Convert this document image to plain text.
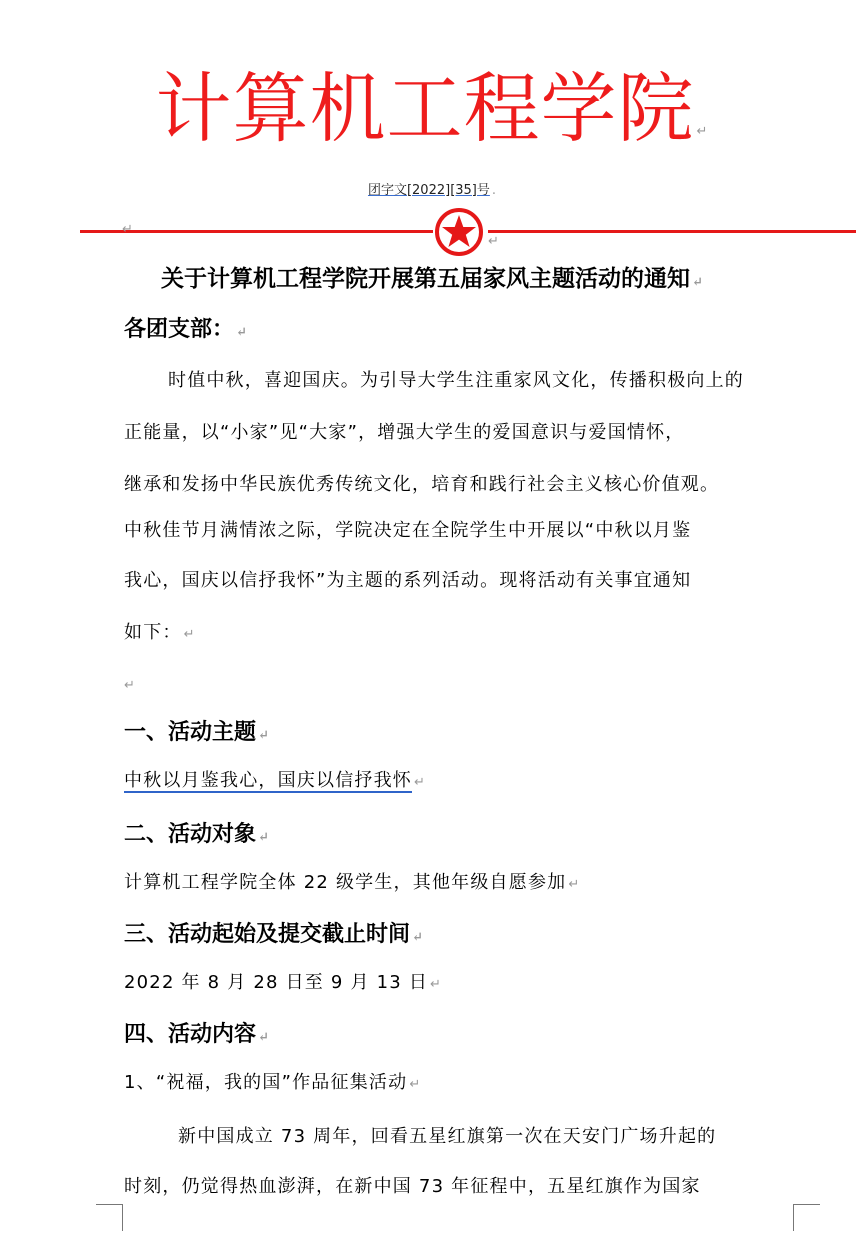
计算机工程学院 ↵
团字文[2022][35]号 .
↵
↵
关于计算机工程学院开展第五届家风主题活动的通知 ↵
各团支部： ↵
时值中秋，喜迎国庆。为引导大学生注重家风文化，传播积极向上的
正能量，以“小家”见“大家”，增强大学生的爱国意识与爱国情怀，
继承和发扬中华民族优秀传统文化，培育和践行社会主义核心价值观。
中秋佳节月满情浓之际，学院决定在全院学生中开展以“中秋以月鉴
我心，国庆以信抒我怀”为主题的系列活动。现将活动有关事宜通知
如下： ↵
↵
一、活动主题 ↵
中秋以月鉴我心，国庆以信抒我怀 ↵
二、活动对象 ↵
计算机工程学院全体 22 级学生，其他年级自愿参加 ↵
三、活动起始及提交截止时间 ↵
2022 年 8 月 28 日至 9 月 13 日 ↵
四、活动内容 ↵
1、“祝福，我的国”作品征集活动 ↵
新中国成立 73 周年，回看五星红旗第一次在天安门广场升起的
时刻，仍觉得热血澎湃，在新中国 73 年征程中，五星红旗作为国家
